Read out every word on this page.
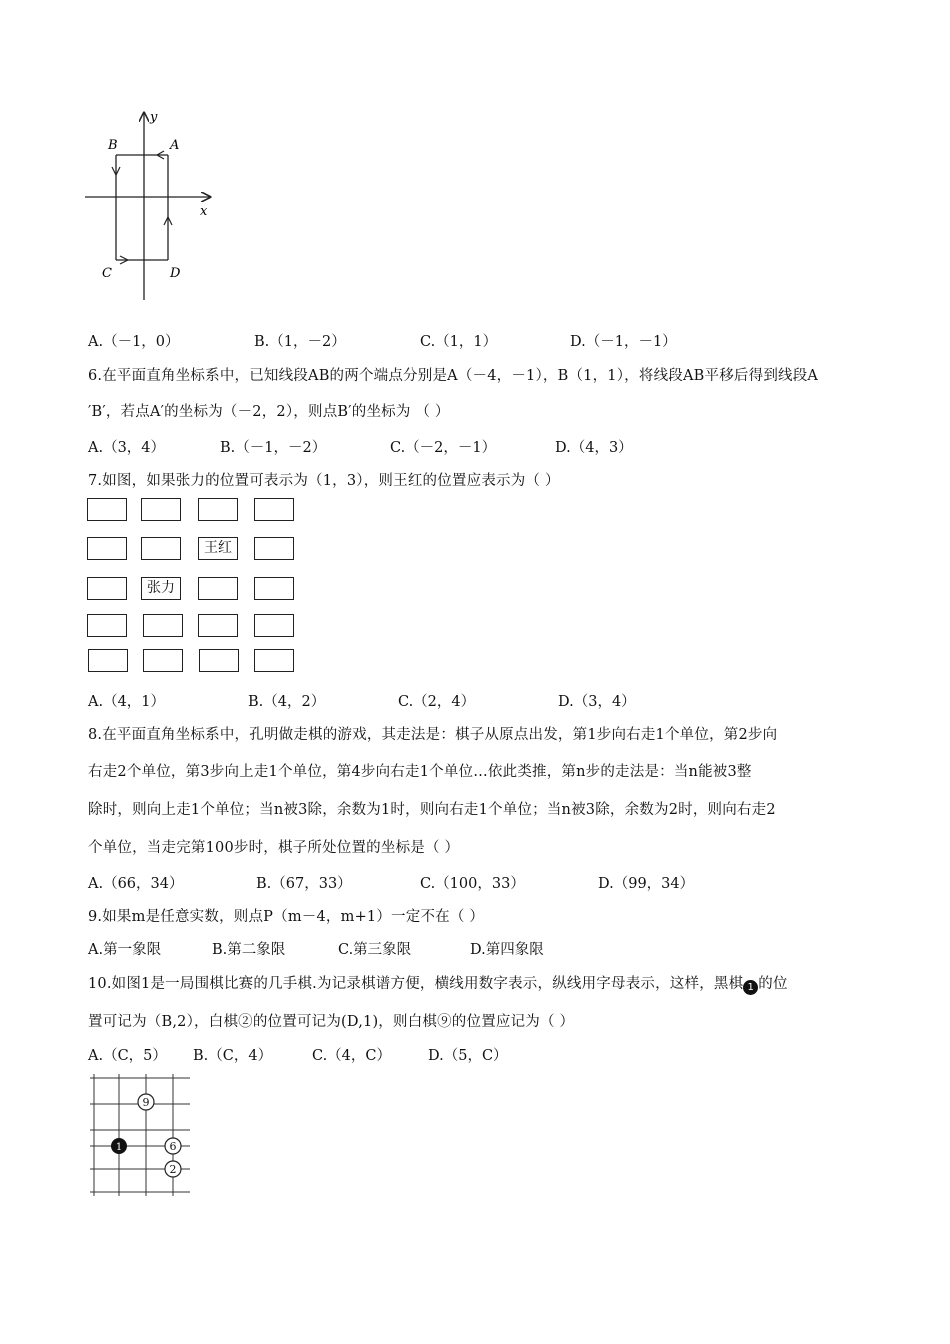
y
x
A
B
C	D
A.（－1，0）	B.（1，－2）	C.（1，1）	D.（－1，－1）
6.在平面直角坐标系中，已知线段AB的两个端点分别是A（－4，－1），B（1，1），将线段AB平移后得到线段A
′B′，若点A′的坐标为（－2，2），则点B′的坐标为 （ ）
A.（3，4）	B.（－1，－2）	C.（－2，－1）	D.（4，3）
7.如图，如果张力的位置可表示为（1，3），则王红的位置应表示为（ ）
王红
张力
A.（4，1）	B.（4，2）	C.（2，4）	D.（3，4）
8.在平面直角坐标系中，孔明做走棋的游戏，其走法是：棋子从原点出发，第1步向右走1个单位，第2步向
右走2个单位，第3步向上走1个单位，第4步向右走1个单位…依此类推，第n步的走法是：当n能被3整
除时，则向上走1个单位；当n被3除，余数为1时，则向右走1个单位；当n被3除，余数为2时，则向右走2
个单位，当走完第100步时，棋子所处位置的坐标是（ ）
A.（66，34）	B.（67，33）	C.（100，33）	D.（99，34）
9.如果m是任意实数，则点P（m－4，m+1）一定不在（ ）
A.第一象限	B.第二象限	C.第三象限	D.第四象限
10.如图1是一局围棋比赛的几手棋.为记录棋谱方便，横线用数字表示，纵线用字母表示，这样，黑棋 1 的位
置可记为（B,2），白棋②的位置可记为(D,1)，则白棋⑨的位置应记为（ ）
A.（C，5） B.（C，4）	C.（4，C）	D.（5，C）
9
1	6
2
